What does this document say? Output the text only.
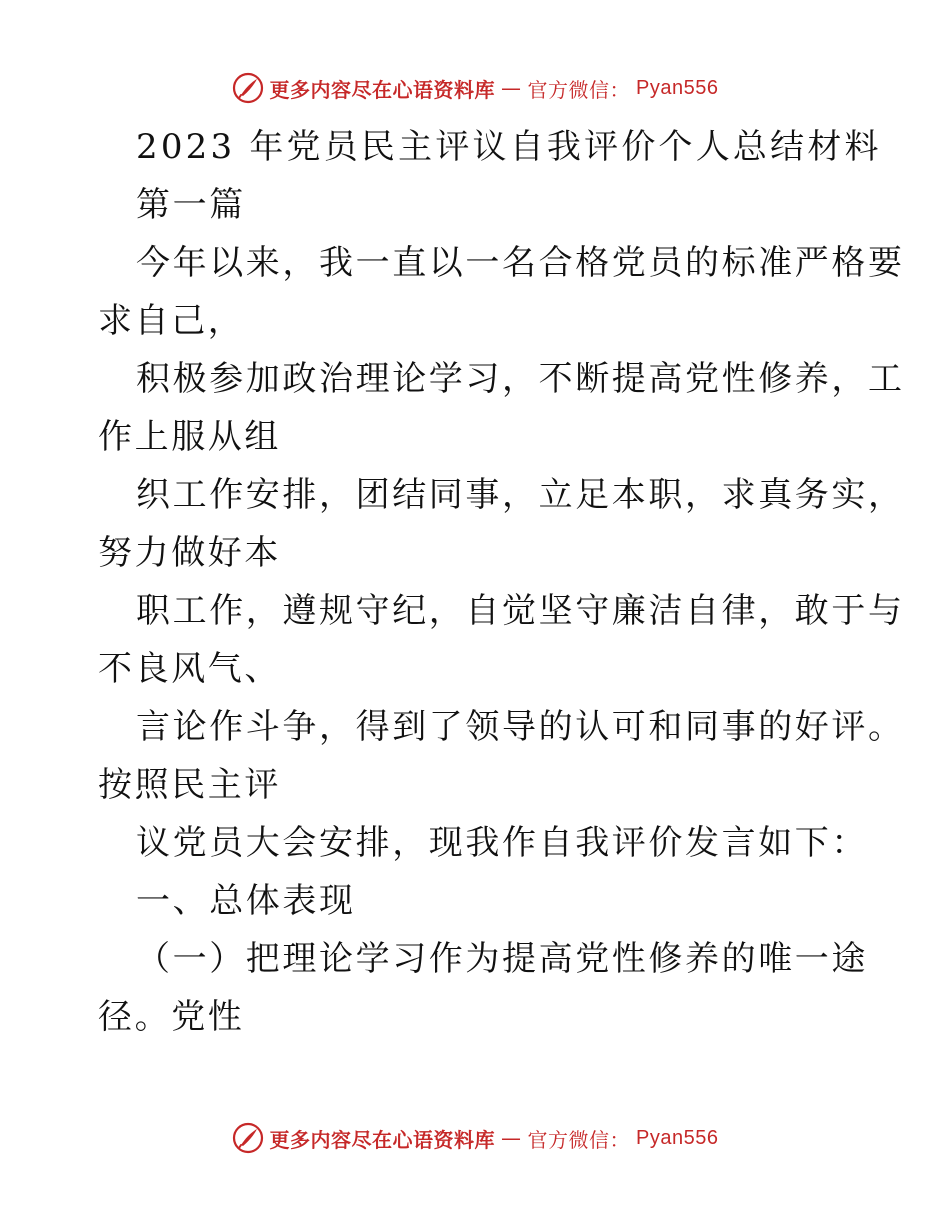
更多内容尽在心语资料库 — 官方微信： Pyan556
2023 年党员民主评议自我评价个人总结材料
第一篇
今年以来，我一直以一名合格党员的标准严格要
求自己，
积极参加政治理论学习，不断提高党性修养，工
作上服从组
织工作安排，团结同事，立足本职，求真务实，
努力做好本
职工作，遵规守纪，自觉坚守廉洁自律，敢于与
不良风气、
言论作斗争，得到了领导的认可和同事的好评。
按照民主评
议党员大会安排，现我作自我评价发言如下：
一、总体表现
（一）把理论学习作为提高党性修养的唯一途
径。党性
更多内容尽在心语资料库 — 官方微信： Pyan556
